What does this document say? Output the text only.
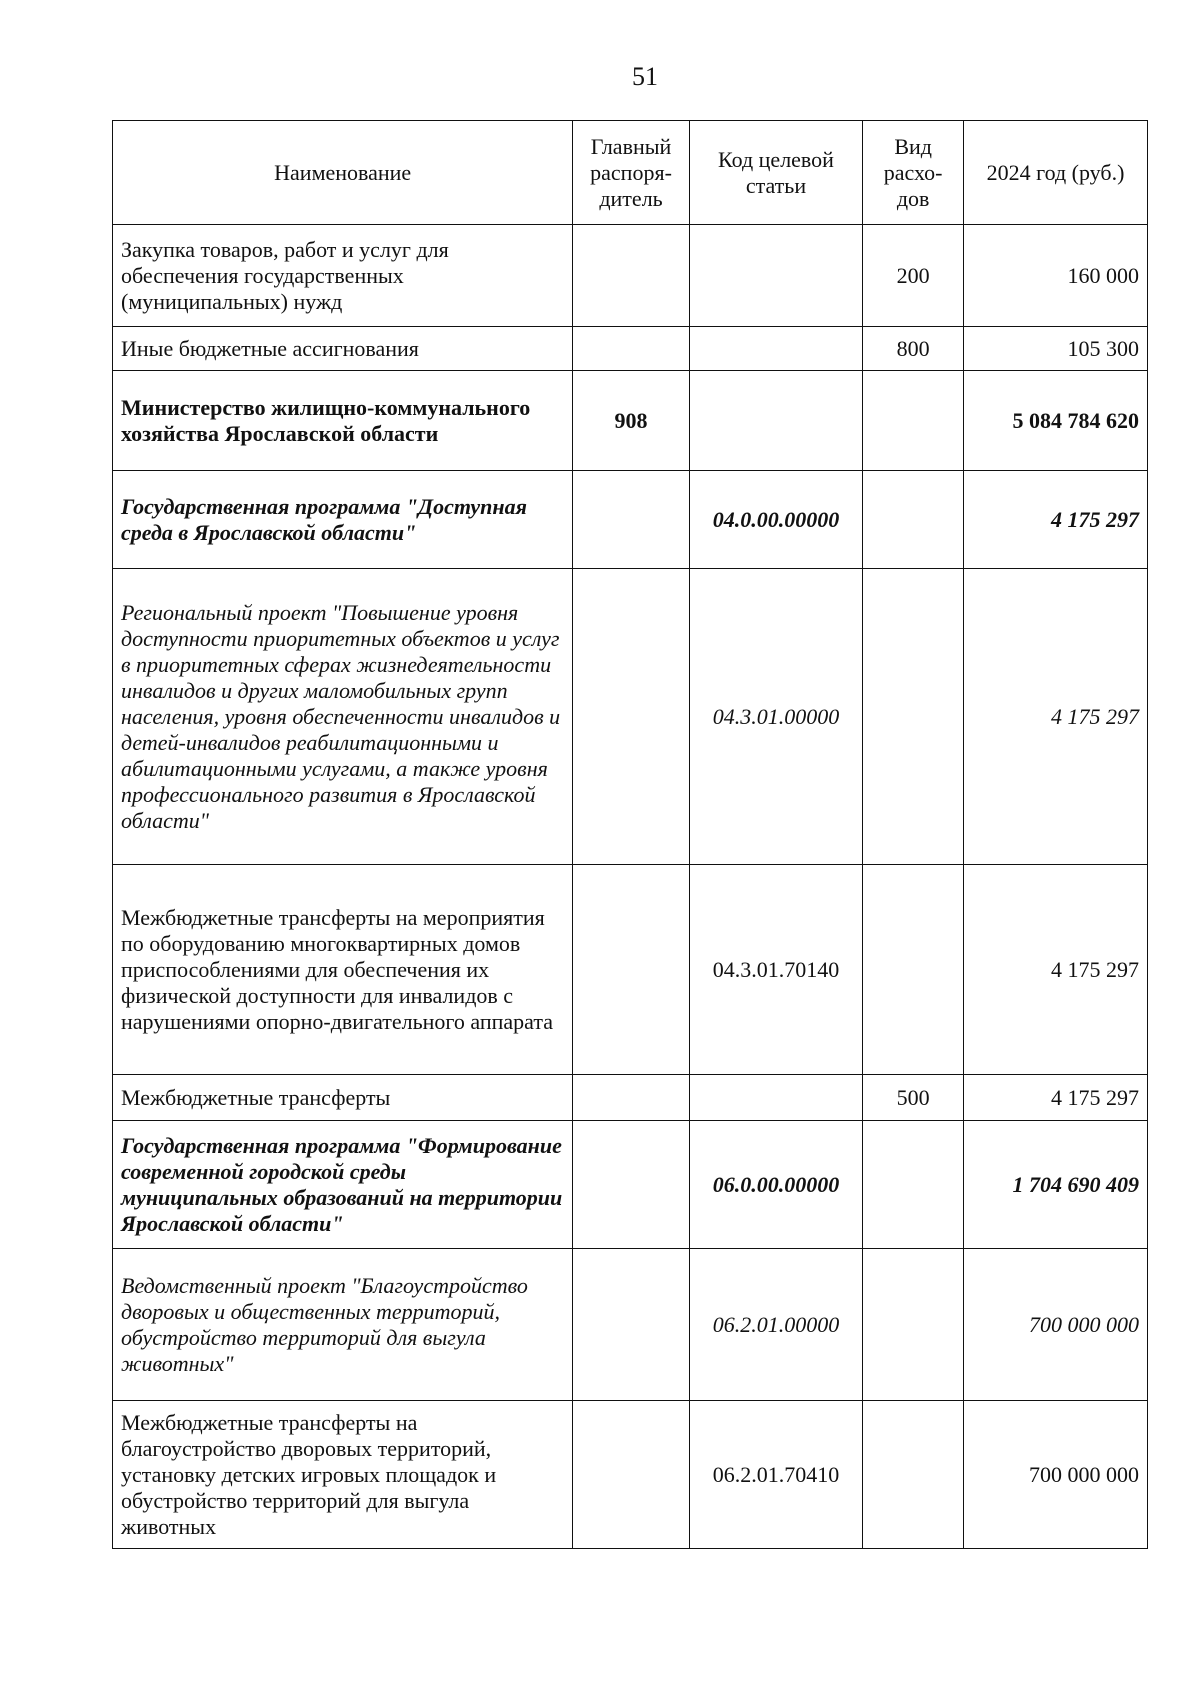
51
Наименование	Главный распоря-дитель	Код целевой статьи	Вид расхо-дов	2024 год (руб.)
Закупка товаров, работ и услуг для обеспечения государственных (муниципальных) нужд			200	160 000
Иные бюджетные ассигнования			800	105 300
Министерство жилищно-коммунального хозяйства Ярославской области	908			5 084 784 620
Государственная программа "Доступная среда в Ярославской области"		04.0.00.00000		4 175 297
Региональный проект "Повышение уровня доступности приоритетных объектов и услуг в приоритетных сферах жизнедеятельности инвалидов и других маломобильных групп населения, уровня обеспеченности инвалидов и детей-инвалидов реабилитационными и абилитационными услугами, а также уровня профессионального развития в Ярославской области"		04.3.01.00000		4 175 297
Межбюджетные трансферты на мероприятия по оборудованию многоквартирных домов приспособлениями для обеспечения их физической доступности для инвалидов с нарушениями опорно-двигательного аппарата		04.3.01.70140		4 175 297
Межбюджетные трансферты			500	4 175 297
Государственная программа "Формирование современной городской среды муниципальных образований на территории Ярославской области"		06.0.00.00000		1 704 690 409
Ведомственный проект "Благоустройство дворовых и общественных территорий, обустройство территорий для выгула животных"		06.2.01.00000		700 000 000
Межбюджетные трансферты на благоустройство дворовых территорий, установку детских игровых площадок и обустройство территорий для выгула животных		06.2.01.70410		700 000 000
